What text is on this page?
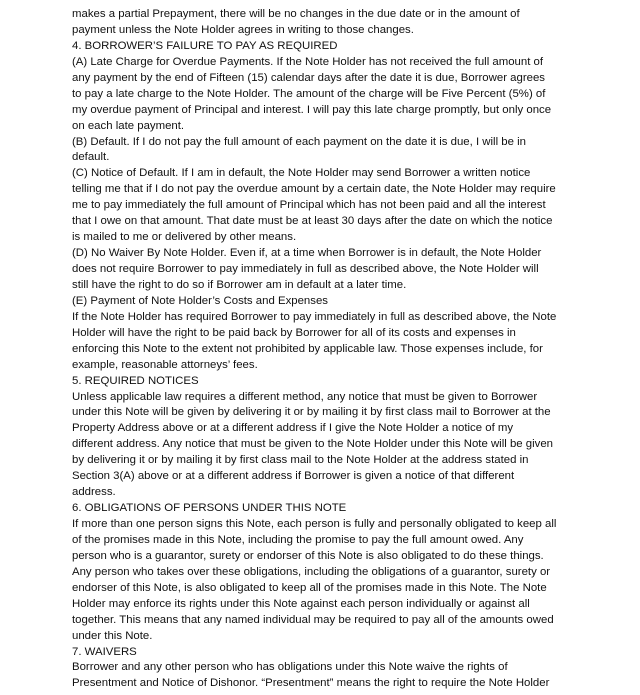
makes a partial Prepayment, there will be no changes in the due date or in the amount of
payment unless the Note Holder agrees in writing to those changes.
4. BORROWER’S FAILURE TO PAY AS REQUIRED
(A) Late Charge for Overdue Payments. If the Note Holder has not received the full amount of
any payment by the end of Fifteen (15) calendar days after the date it is due, Borrower agrees
to pay a late charge to the Note Holder. The amount of the charge will be Five Percent (5%) of
my overdue payment of Principal and interest. I will pay this late charge promptly, but only once
on each late payment.
(B) Default. If I do not pay the full amount of each payment on the date it is due, I will be in
default.
(C) Notice of Default. If I am in default, the Note Holder may send Borrower a written notice
telling me that if I do not pay the overdue amount by a certain date, the Note Holder may require
me to pay immediately the full amount of Principal which has not been paid and all the interest
that I owe on that amount. That date must be at least 30 days after the date on which the notice
is mailed to me or delivered by other means.
(D) No Waiver By Note Holder. Even if, at a time when Borrower is in default, the Note Holder
does not require Borrower to pay immediately in full as described above, the Note Holder will
still have the right to do so if Borrower am in default at a later time.
(E) Payment of Note Holder’s Costs and Expenses
If the Note Holder has required Borrower to pay immediately in full as described above, the Note
Holder will have the right to be paid back by Borrower for all of its costs and expenses in
enforcing this Note to the extent not prohibited by applicable law. Those expenses include, for
example, reasonable attorneys’ fees.
5. REQUIRED NOTICES
Unless applicable law requires a different method, any notice that must be given to Borrower
under this Note will be given by delivering it or by mailing it by first class mail to Borrower at the
Property Address above or at a different address if I give the Note Holder a notice of my
different address. Any notice that must be given to the Note Holder under this Note will be given
by delivering it or by mailing it by first class mail to the Note Holder at the address stated in
Section 3(A) above or at a different address if Borrower is given a notice of that different
address.
6. OBLIGATIONS OF PERSONS UNDER THIS NOTE
If more than one person signs this Note, each person is fully and personally obligated to keep all
of the promises made in this Note, including the promise to pay the full amount owed. Any
person who is a guarantor, surety or endorser of this Note is also obligated to do these things.
Any person who takes over these obligations, including the obligations of a guarantor, surety or
endorser of this Note, is also obligated to keep all of the promises made in this Note. The Note
Holder may enforce its rights under this Note against each person individually or against all
together. This means that any named individual may be required to pay all of the amounts owed
under this Note.
7. WAIVERS
Borrower and any other person who has obligations under this Note waive the rights of
Presentment and Notice of Dishonor. “Presentment” means the right to require the Note Holder
